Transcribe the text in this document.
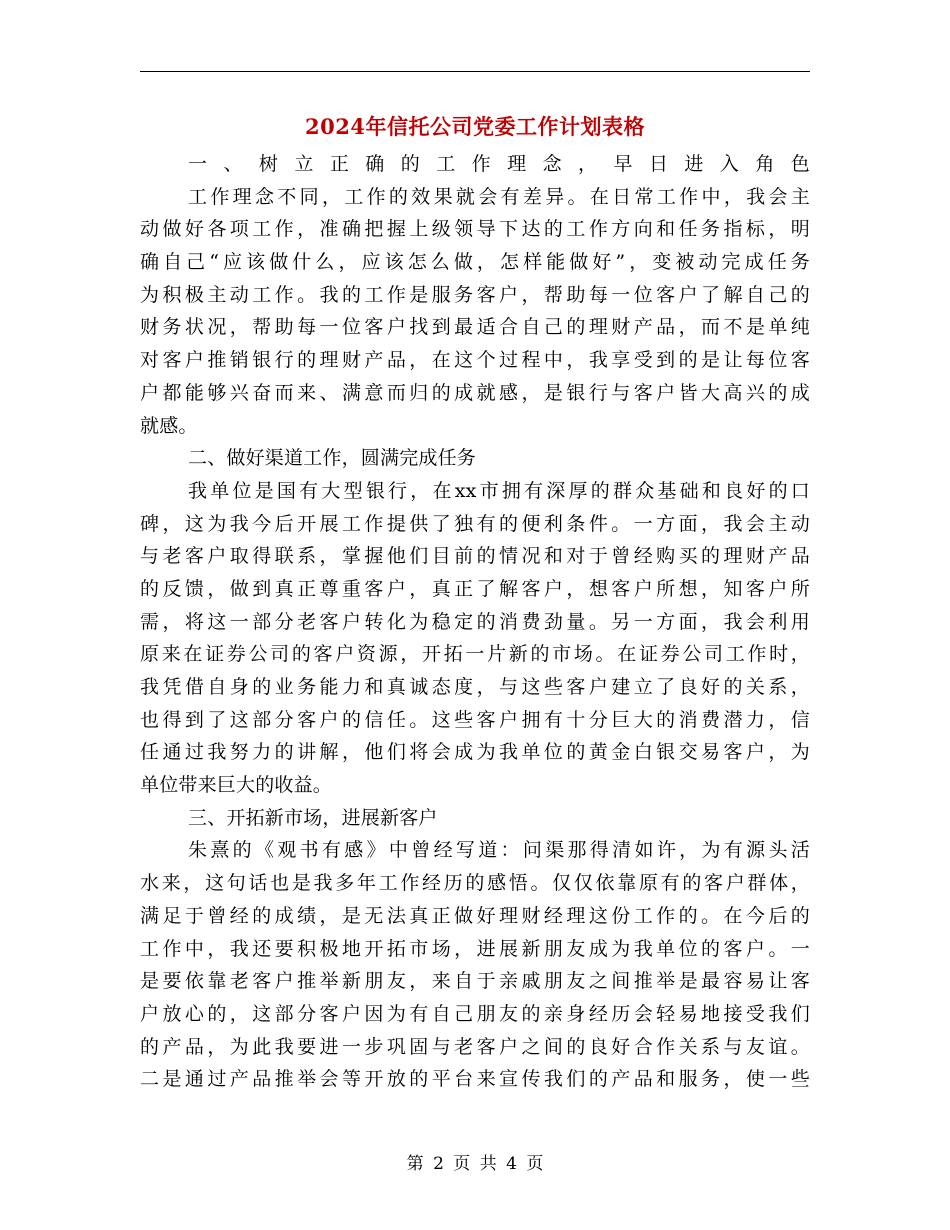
2024年信托公司党委工作计划表格
一、树立正确的工作理念，早日进入角色
工作理念不同，工作的效果就会有差异。在日常工作中，我会主
动做好各项工作，准确把握上级领导下达的工作方向和任务指标，明
确自己“应该做什么，应该怎么做，怎样能做好”，变被动完成任务
为积极主动工作。我的工作是服务客户，帮助每一位客户了解自己的
财务状况，帮助每一位客户找到最适合自己的理财产品，而不是单纯
对客户推销银行的理财产品，在这个过程中，我享受到的是让每位客
户都能够兴奋而来、满意而归的成就感，是银行与客户皆大高兴的成
就感。
二、做好渠道工作，圆满完成任务
我单位是国有大型银行，在xx市拥有深厚的群众基础和良好的口
碑，这为我今后开展工作提供了独有的便利条件。一方面，我会主动
与老客户取得联系，掌握他们目前的情况和对于曾经购买的理财产品
的反馈，做到真正尊重客户，真正了解客户，想客户所想，知客户所
需，将这一部分老客户转化为稳定的消费劲量。另一方面，我会利用
原来在证券公司的客户资源，开拓一片新的市场。在证券公司工作时，
我凭借自身的业务能力和真诚态度，与这些客户建立了良好的关系，
也得到了这部分客户的信任。这些客户拥有十分巨大的消费潜力，信
任通过我努力的讲解，他们将会成为我单位的黄金白银交易客户，为
单位带来巨大的收益。
三、开拓新市场，进展新客户
朱熹的《观书有感》中曾经写道：问渠那得清如许，为有源头活
水来，这句话也是我多年工作经历的感悟。仅仅依靠原有的客户群体，
满足于曾经的成绩，是无法真正做好理财经理这份工作的。在今后的
工作中，我还要积极地开拓市场，进展新朋友成为我单位的客户。一
是要依靠老客户推举新朋友，来自于亲戚朋友之间推举是最容易让客
户放心的，这部分客户因为有自己朋友的亲身经历会轻易地接受我们
的产品，为此我要进一步巩固与老客户之间的良好合作关系与友谊。
二是通过产品推举会等开放的平台来宣传我们的产品和服务，使一些
第 2 页 共 4 页
